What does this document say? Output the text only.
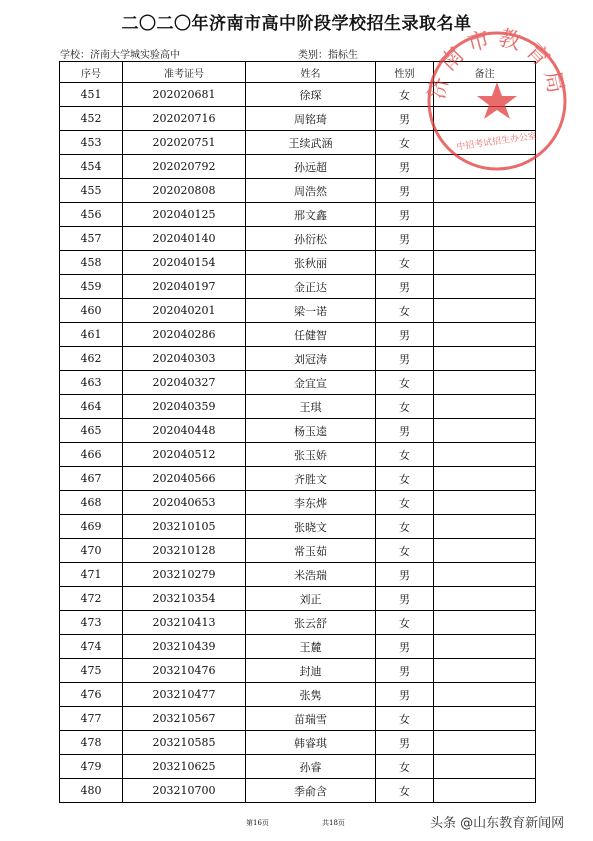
二〇二〇年济南市高中阶段学校招生录取名单
学校：济南大学城实验高中	类别：指标生
序号	准考证号	姓名	性别	备注
451	202020681	徐琛	女	
452	202020716	周铭琦	男	
453	202020751	王续武涵	女	
454	202020792	孙远超	男	
455	202020808	周浩然	男	
456	202040125	邢文鑫	男	
457	202040140	孙衍松	男	
458	202040154	张秋丽	女	
459	202040197	金正达	男	
460	202040201	梁一诺	女	
461	202040286	任健智	男	
462	202040303	刘冠涛	男	
463	202040327	金宜宣	女	
464	202040359	王琪	女	
465	202040448	杨玉逵	男	
466	202040512	张玉娇	女	
467	202040566	齐胜文	女	
468	202040653	李东烨	女	
469	203210105	张晓文	女	
470	203210128	常玉茹	女	
471	203210279	米浩瑞	男	
472	203210354	刘正	男	
473	203210413	张云舒	女	
474	203210439	王麓	男	
475	203210476	封迪	男	
476	203210477	张隽	男	
477	203210567	苗瑞雪	女	
478	203210585	韩睿琪	男	
479	203210625	孙睿	女	
480	203210700	季俞含	女	
济南市教育局
中招考试招生办公室
第16页	共18页	头条 @山东教育新闻网
